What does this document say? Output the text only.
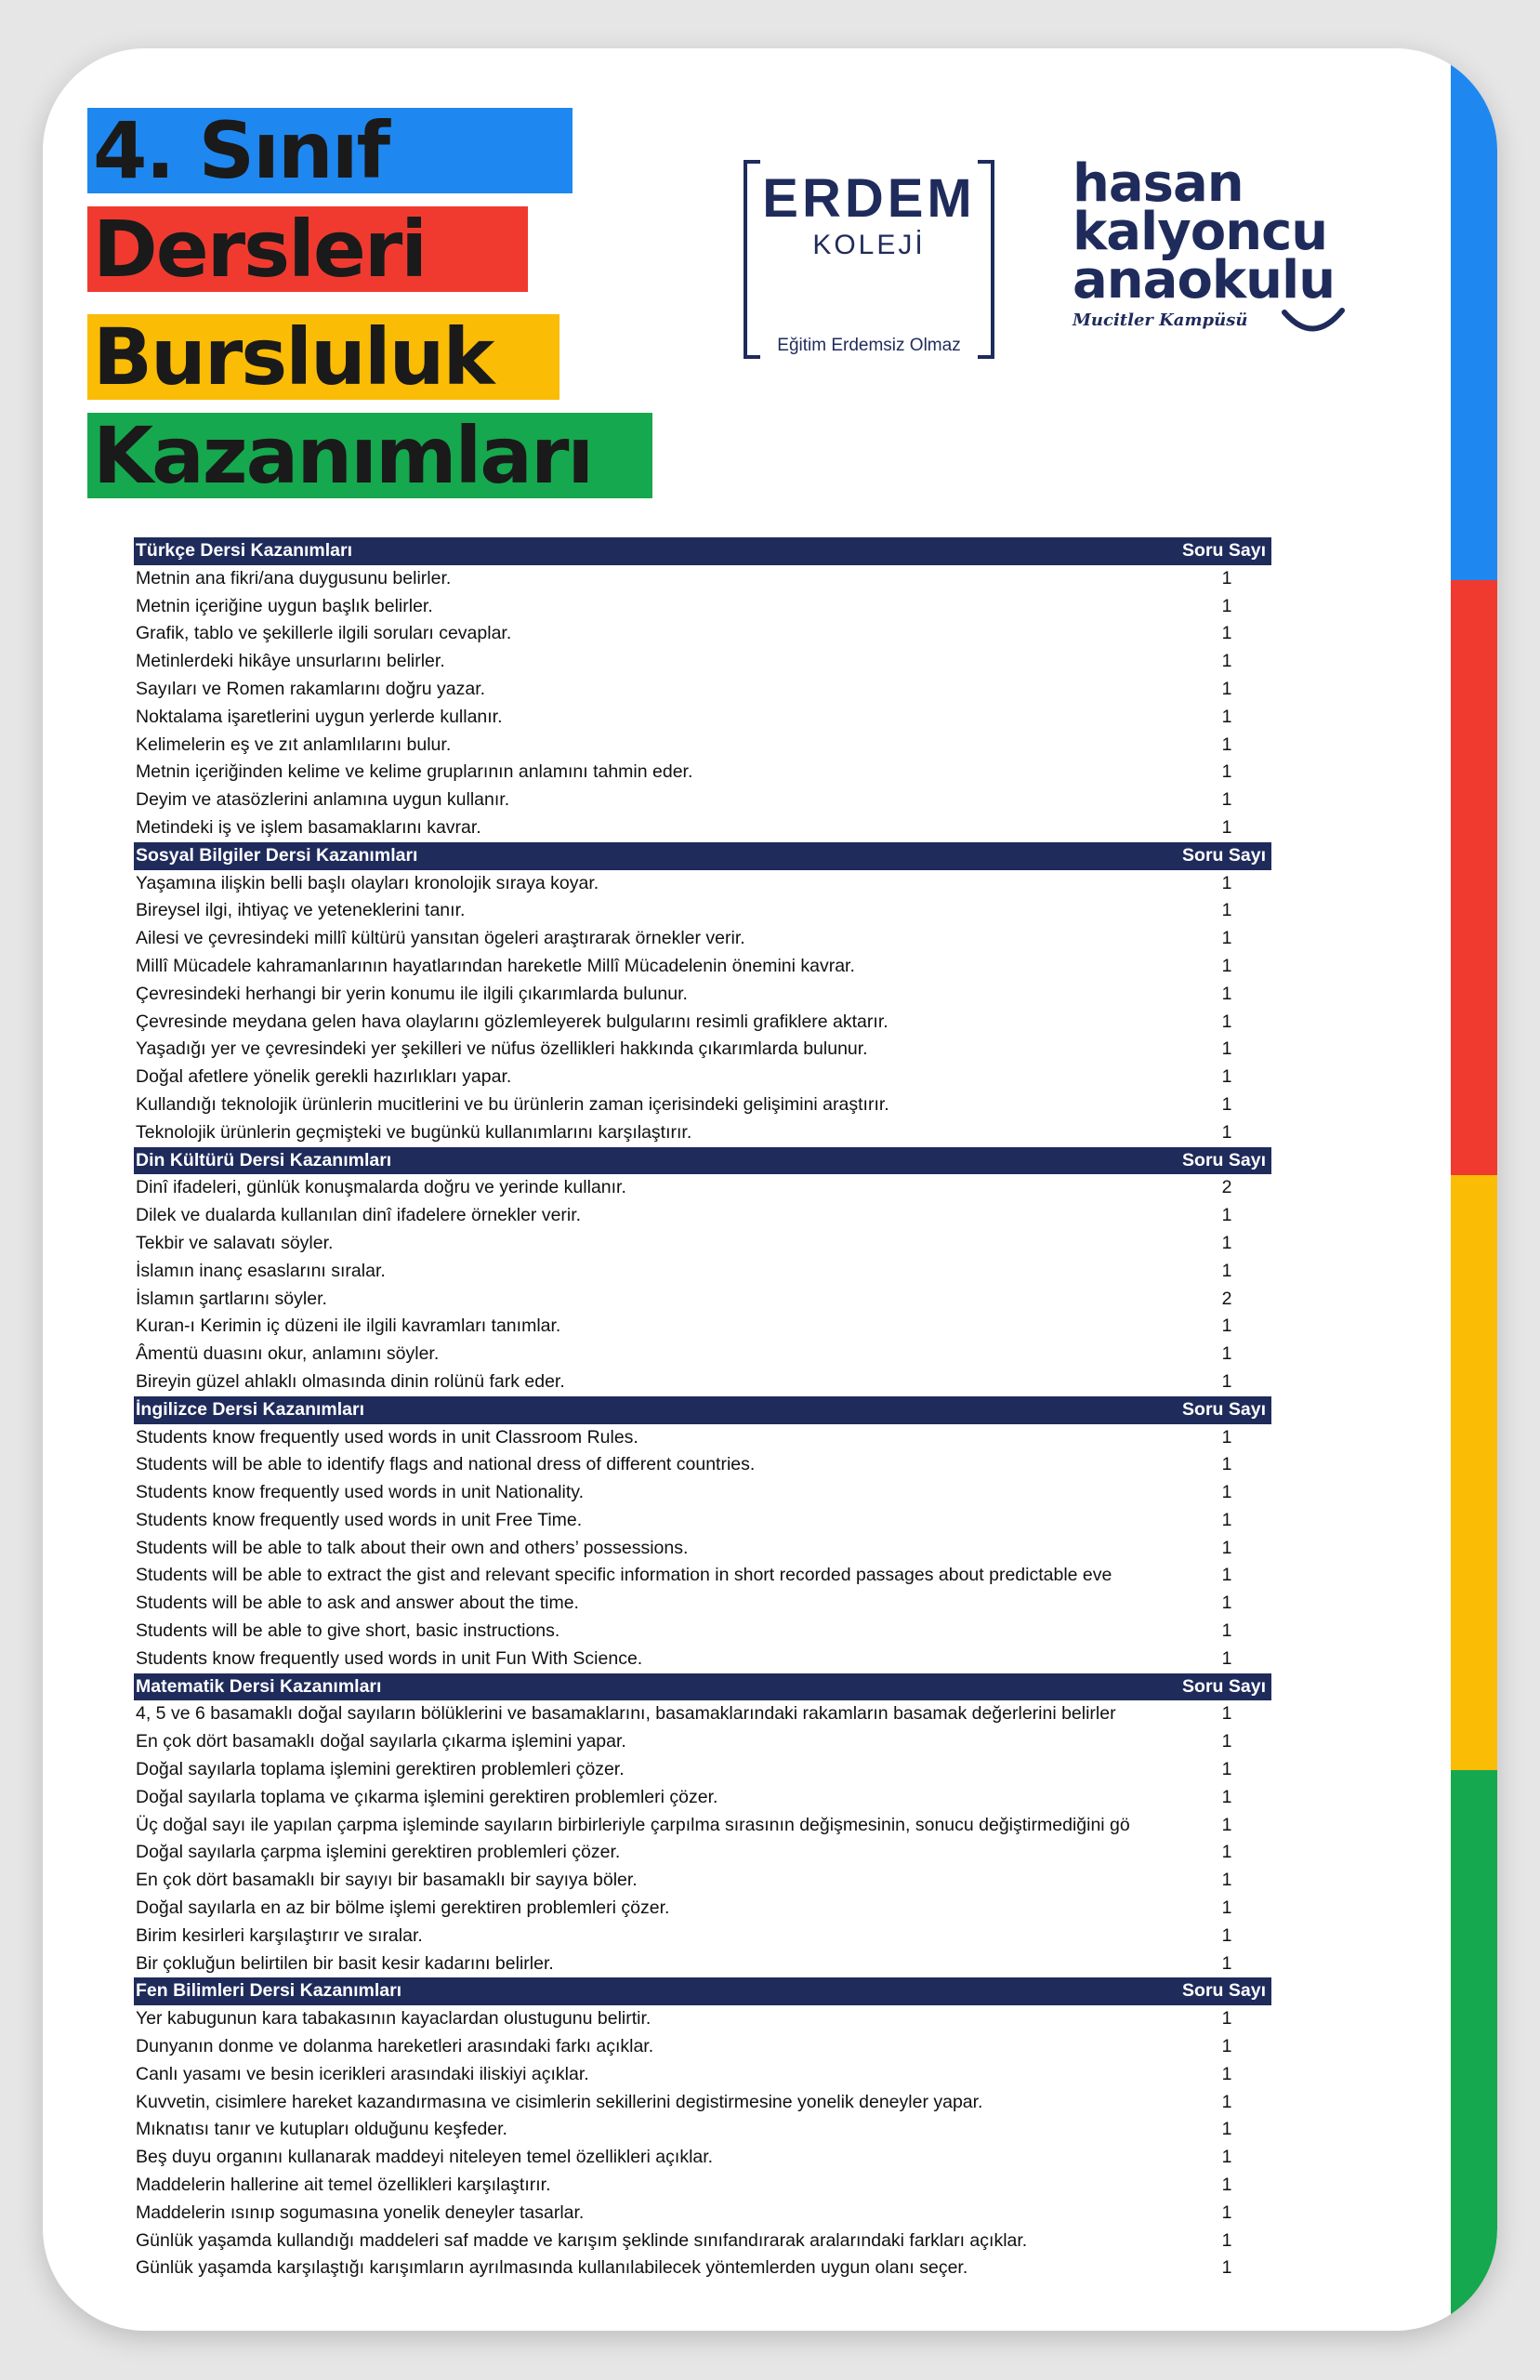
4. Sınıf
Dersleri
Bursluluk
Kazanımları
ERDEM
KOLEJİ
Eğitim Erdemsiz Olmaz
hasan
kalyoncu
anaokulu
Mucitler Kampüsü
Türkçe Dersi Kazanımları	Soru Sayı
Metnin ana fikri/ana duygusunu belirler.	1
Metnin içeriğine uygun başlık belirler.	1
Grafik, tablo ve şekillerle ilgili soruları cevaplar.	1
Metinlerdeki hikâye unsurlarını belirler.	1
Sayıları ve Romen rakamlarını doğru yazar.	1
Noktalama işaretlerini uygun yerlerde kullanır.	1
Kelimelerin eş ve zıt anlamlılarını bulur.	1
Metnin içeriğinden kelime ve kelime gruplarının anlamını tahmin eder.	1
Deyim ve atasözlerini anlamına uygun kullanır.	1
Metindeki iş ve işlem basamaklarını kavrar.	1
Sosyal Bilgiler Dersi Kazanımları	Soru Sayı
Yaşamına ilişkin belli başlı olayları kronolojik sıraya koyar.	1
Bireysel ilgi, ihtiyaç ve yeteneklerini tanır.	1
Ailesi ve çevresindeki millî kültürü yansıtan ögeleri araştırarak örnekler verir.	1
Millî Mücadele kahramanlarının hayatlarından hareketle Millî Mücadelenin önemini kavrar.	1
Çevresindeki herhangi bir yerin konumu ile ilgili çıkarımlarda bulunur.	1
Çevresinde meydana gelen hava olaylarını gözlemleyerek bulgularını resimli grafiklere aktarır.	1
Yaşadığı yer ve çevresindeki yer şekilleri ve nüfus özellikleri hakkında çıkarımlarda bulunur.	1
Doğal afetlere yönelik gerekli hazırlıkları yapar.	1
Kullandığı teknolojik ürünlerin mucitlerini ve bu ürünlerin zaman içerisindeki gelişimini araştırır.	1
Teknolojik ürünlerin geçmişteki ve bugünkü kullanımlarını karşılaştırır.	1
Din Kültürü Dersi Kazanımları	Soru Sayı
Dinî ifadeleri, günlük konuşmalarda doğru ve yerinde kullanır.	2
Dilek ve dualarda kullanılan dinî ifadelere örnekler verir.	1
Tekbir ve salavatı söyler.	1
İslamın inanç esaslarını sıralar.	1
İslamın şartlarını söyler.	2
Kuran-ı Kerimin iç düzeni ile ilgili kavramları tanımlar.	1
Âmentü duasını okur, anlamını söyler.	1
Bireyin güzel ahlaklı olmasında dinin rolünü fark eder.	1
İngilizce Dersi Kazanımları	Soru Sayı
Students know frequently used words in unit Classroom Rules.	1
Students will be able to identify flags and national dress of different countries.	1
Students know frequently used words in unit Nationality.	1
Students know frequently used words in unit Free Time.	1
Students will be able to talk about their own and others’ possessions.	1
Students will be able to extract the gist and relevant specific information in short recorded passages about predictable eve	1
Students will be able to ask and answer about the time.	1
Students will be able to give short, basic instructions.	1
Students know frequently used words in unit Fun With Science.	1
Matematik Dersi Kazanımları	Soru Sayı
4, 5 ve 6 basamaklı doğal sayıların bölüklerini ve basamaklarını, basamaklarındaki rakamların basamak değerlerini belirler	1
En çok dört basamaklı doğal sayılarla çıkarma işlemini yapar.	1
Doğal sayılarla toplama işlemini gerektiren problemleri çözer.	1
Doğal sayılarla toplama ve çıkarma işlemini gerektiren problemleri çözer.	1
Üç doğal sayı ile yapılan çarpma işleminde sayıların birbirleriyle çarpılma sırasının değişmesinin, sonucu değiştirmediğini gö	1
Doğal sayılarla çarpma işlemini gerektiren problemleri çözer.	1
En çok dört basamaklı bir sayıyı bir basamaklı bir sayıya böler.	1
Doğal sayılarla en az bir bölme işlemi gerektiren problemleri çözer.	1
Birim kesirleri karşılaştırır ve sıralar.	1
Bir çokluğun belirtilen bir basit kesir kadarını belirler.	1
Fen Bilimleri Dersi Kazanımları	Soru Sayı
Yer kabugunun kara tabakasının kayaclardan olustugunu belirtir.	1
Dunyanın donme ve dolanma hareketleri arasındaki farkı açıklar.	1
Canlı yasamı ve besin icerikleri arasındaki iliskiyi açıklar.	1
Kuvvetin, cisimlere hareket kazandırmasına ve cisimlerin sekillerini degistirmesine yonelik deneyler yapar.	1
Mıknatısı tanır ve kutupları olduğunu keşfeder.	1
Beş duyu organını kullanarak maddeyi niteleyen temel özellikleri açıklar.	1
Maddelerin hallerine ait temel özellikleri karşılaştırır.	1
Maddelerin ısınıp sogumasına yonelik deneyler tasarlar.	1
Günlük yaşamda kullandığı maddeleri saf madde ve karışım şeklinde sınıfandırarak aralarındaki farkları açıklar.	1
Günlük yaşamda karşılaştığı karışımların ayrılmasında kullanılabilecek yöntemlerden uygun olanı seçer.	1
